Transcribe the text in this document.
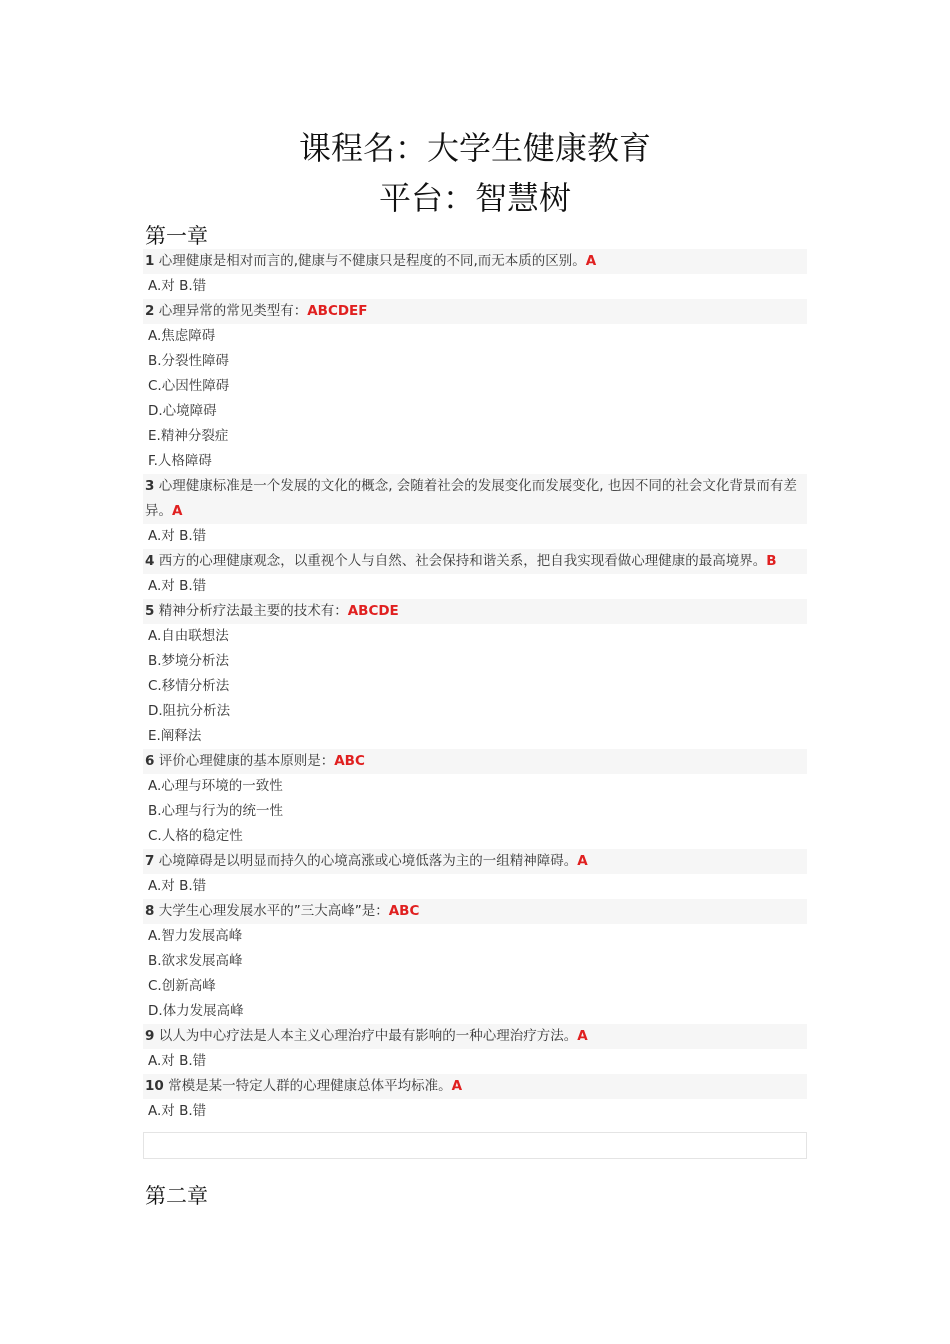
课程名：大学生健康教育
平台：智慧树
第一章
1 心理健康是相对而言的,健康与不健康只是程度的不同,而无本质的区别。A
A.对 B.错
2 心理异常的常见类型有：ABCDEF
A.焦虑障碍
B.分裂性障碍
C.心因性障碍
D.心境障碍
E.精神分裂症
F.人格障碍
3 心理健康标准是一个发展的文化的概念, 会随着社会的发展变化而发展变化, 也因不同的社会文化背景而有差异。A
A.对 B.错
4 西方的心理健康观念，以重视个人与自然、社会保持和谐关系，把自我实现看做心理健康的最高境界。B
A.对 B.错
5 精神分析疗法最主要的技术有：ABCDE
A.自由联想法
B.梦境分析法
C.移情分析法
D.阻抗分析法
E.阐释法
6 评价心理健康的基本原则是：ABC
A.心理与环境的一致性
B.心理与行为的统一性
C.人格的稳定性
7 心境障碍是以明显而持久的心境高涨或心境低落为主的一组精神障碍。A
A.对 B.错
8 大学生心理发展水平的”三大高峰”是：ABC
A.智力发展高峰
B.欲求发展高峰
C.创新高峰
D.体力发展高峰
9 以人为中心疗法是人本主义心理治疗中最有影响的一种心理治疗方法。A
A.对 B.错
10 常模是某一特定人群的心理健康总体平均标准。A
A.对 B.错
第二章
